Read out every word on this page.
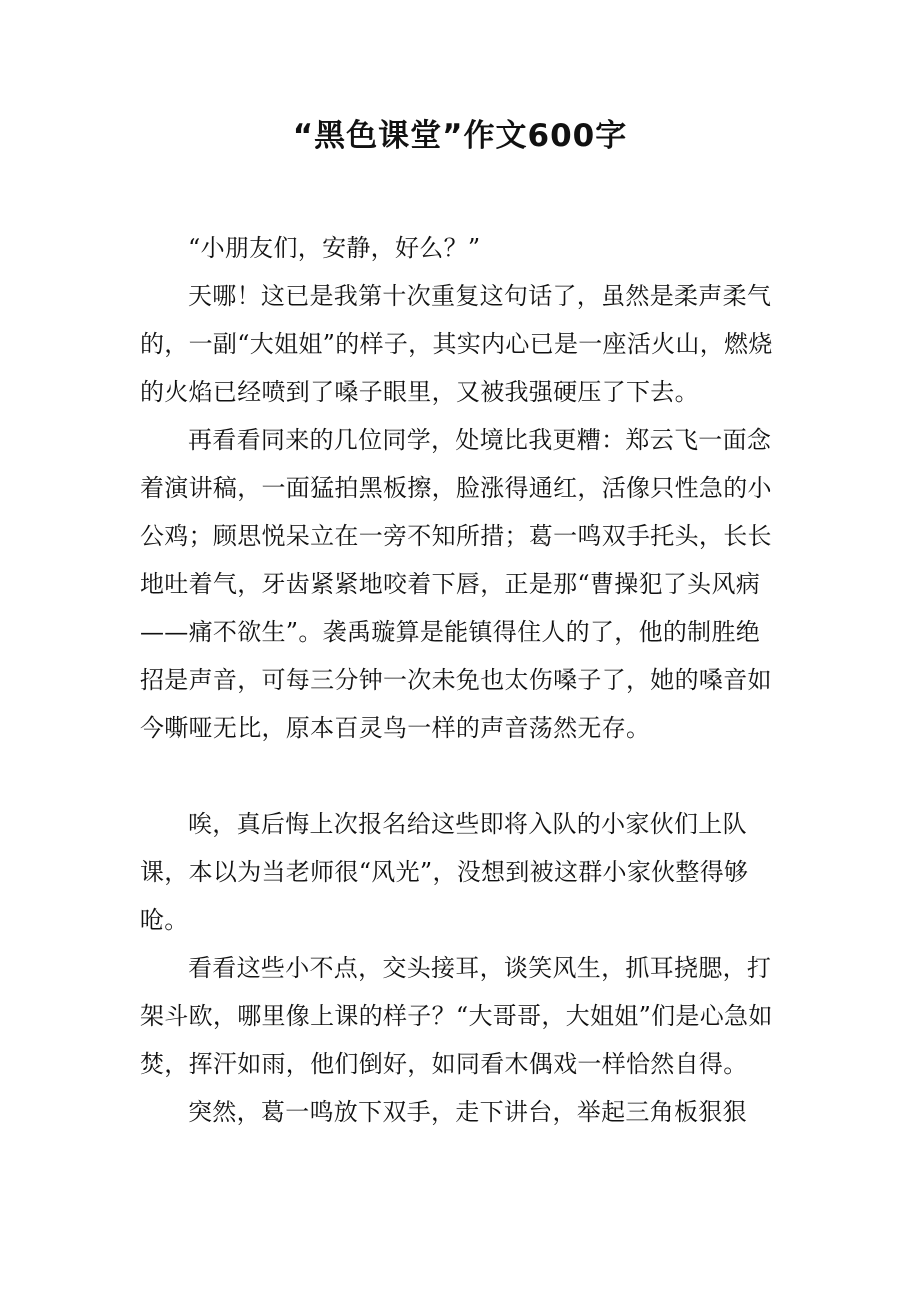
“黑色课堂”作文600字

“小朋友们，安静，好么？”

天哪！这已是我第十次重复这句话了，虽然是柔声柔气的，一副“大姐姐”的样子，其实内心已是一座活火山，燃烧的火焰已经喷到了嗓子眼里，又被我强硬压了下去。

再看看同来的几位同学，处境比我更糟：郑云飞一面念着演讲稿，一面猛拍黑板擦，脸涨得通红，活像只性急的小公鸡；顾思悦呆立在一旁不知所措；葛一鸣双手托头，长长地吐着气，牙齿紧紧地咬着下唇，正是那“曹操犯了头风病——痛不欲生”。袭禹璇算是能镇得住人的了，他的制胜绝招是声音，可每三分钟一次未免也太伤嗓子了，她的嗓音如今嘶哑无比，原本百灵鸟一样的声音荡然无存。

唉，真后悔上次报名给这些即将入队的小家伙们上队课，本以为当老师很“风光”，没想到被这群小家伙整得够呛。

看看这些小不点，交头接耳，谈笑风生，抓耳挠腮，打架斗欧，哪里像上课的样子？“大哥哥，大姐姐”们是心急如焚，挥汗如雨，他们倒好，如同看木偶戏一样恰然自得。

突然，葛一鸣放下双手，走下讲台，举起三角板狠狠
